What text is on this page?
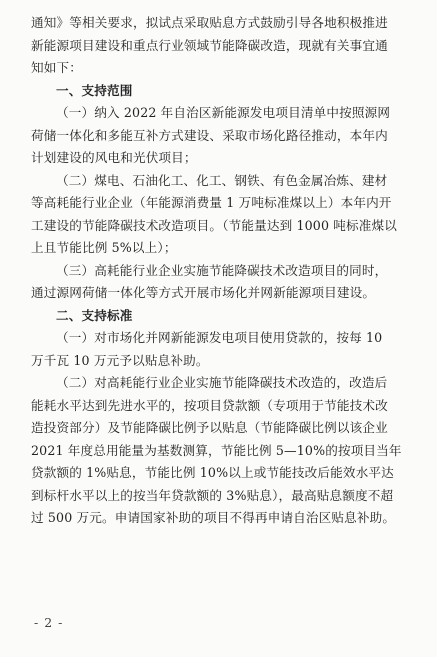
通知》等相关要求，拟试点采取贴息方式鼓励引导各地积极推进
新能源项目建设和重点行业领域节能降碳改造，现就有关事宜通
知如下：
一、支持范围
（一）纳入 2022 年自治区新能源发电项目清单中按照源网
荷储一体化和多能互补方式建设、采取市场化路径推动，本年内
计划建设的风电和光伏项目；
（二）煤电、石油化工、化工、钢铁、有色金属冶炼、建材
等高耗能行业企业（年能源消费量 1 万吨标准煤以上）本年内开
工建设的节能降碳技术改造项目。（节能量达到 1000 吨标准煤以
上且节能比例 5%以上）；
（三）高耗能行业企业实施节能降碳技术改造项目的同时，
通过源网荷储一体化等方式开展市场化并网新能源项目建设。
二、支持标准
（一）对市场化并网新能源发电项目使用贷款的，按每 10
万千瓦 10 万元予以贴息补助。
（二）对高耗能行业企业实施节能降碳技术改造的，改造后
能耗水平达到先进水平的，按项目贷款额（专项用于节能技术改
造投资部分）及节能降碳比例予以贴息（节能降碳比例以该企业
2021 年度总用能量为基数测算，节能比例 5—10%的按项目当年
贷款额的 1%贴息，节能比例 10%以上或节能技改后能效水平达
到标杆水平以上的按当年贷款额的 3%贴息），最高贴息额度不超
过 500 万元。申请国家补助的项目不得再申请自治区贴息补助。
- 2 -
